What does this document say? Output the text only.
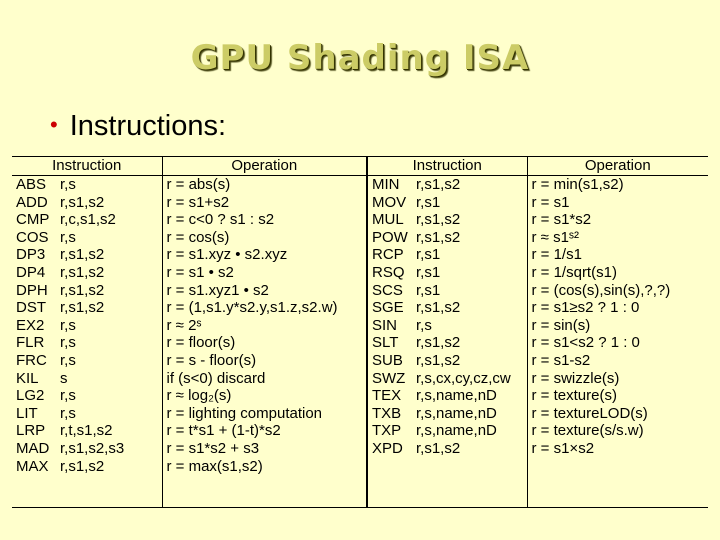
GPU Shading ISA
• Instructions:
Instruction	Operation	Instruction	Operation
ABS r,s	r = abs(s)	MIN r,s1,s2	r = min(s1,s2)
ADD r,s1,s2	r = s1+s2	MOV r,s1	r = s1
CMP r,c,s1,s2	r = c<0 ? s1 : s2	MUL r,s1,s2	r = s1*s2
COS r,s	r = cos(s)	POW r,s1,s2	r ≈ s1ˢ²
DP3 r,s1,s2	r = s1.xyz • s2.xyz	RCP r,s1	r = 1/s1
DP4 r,s1,s2	r = s1 • s2	RSQ r,s1	r = 1/sqrt(s1)
DPH r,s1,s2	r = s1.xyz1 • s2	SCS r,s1	r = (cos(s),sin(s),?,?)
DST r,s1,s2	r = (1,s1.y*s2.y,s1.z,s2.w)	SGE r,s1,s2	r = s1≥s2 ? 1 : 0
EX2 r,s	r ≈ 2ˢ	SIN r,s	r = sin(s)
FLR r,s	r = floor(s)	SLT r,s1,s2	r = s1<s2 ? 1 : 0
FRC r,s	r = s - floor(s)	SUB r,s1,s2	r = s1-s2
KIL s	if (s<0) discard	SWZ r,s,cx,cy,cz,cw	r = swizzle(s)
LG2 r,s	r ≈ log₂(s)	TEX r,s,name,nD	r = texture(s)
LIT r,s	r = lighting computation	TXB r,s,name,nD	r = textureLOD(s)
LRP r,t,s1,s2	r = t*s1 + (1-t)*s2	TXP r,s,name,nD	r = texture(s/s.w)
MAD r,s1,s2,s3	r = s1*s2 + s3	XPD r,s1,s2	r = s1×s2
MAX r,s1,s2	r = max(s1,s2)		
